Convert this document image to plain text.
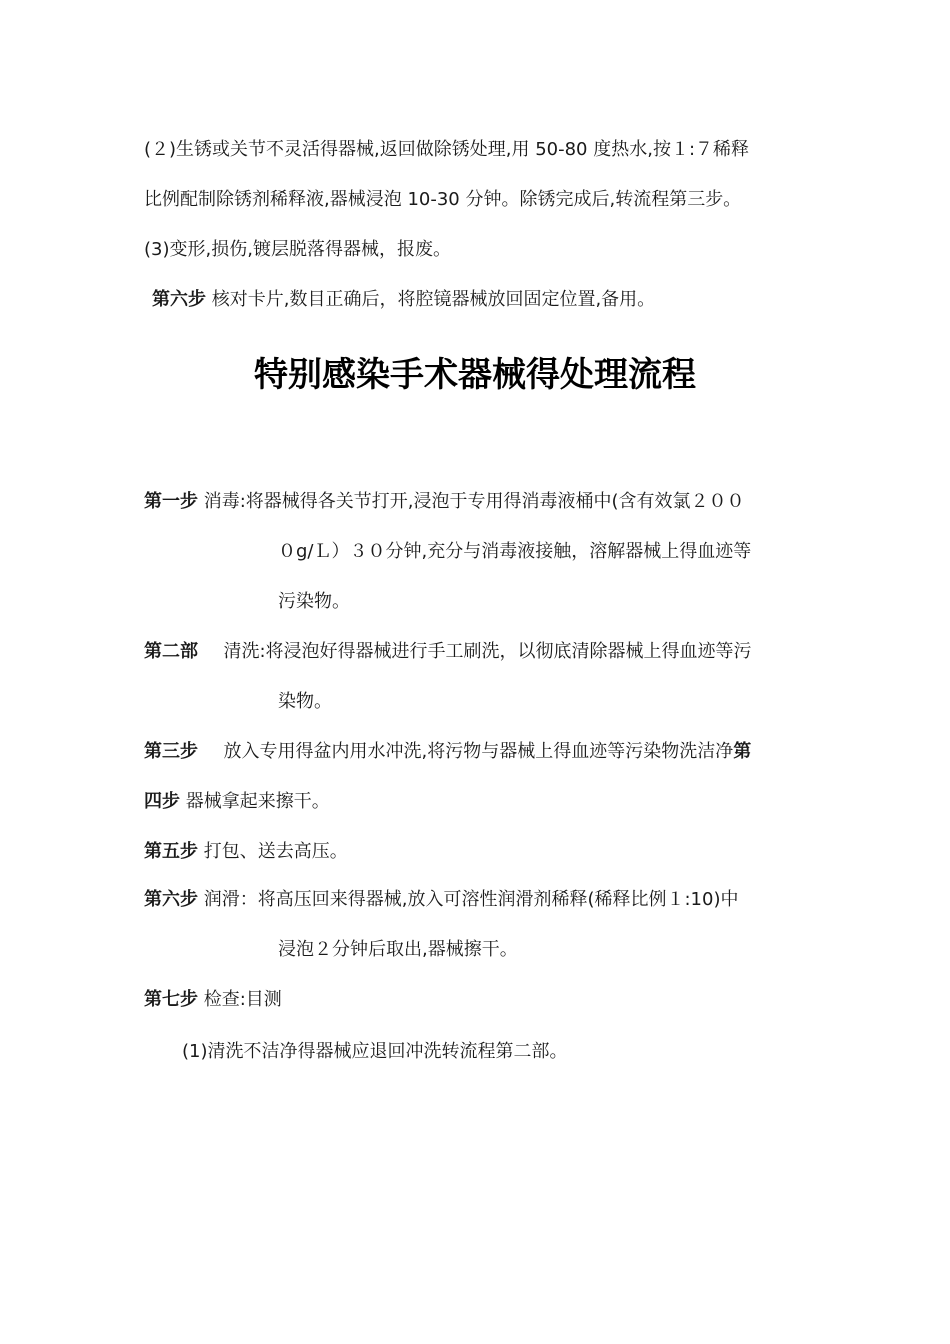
(２)生锈或关节不灵活得器械,返回做除锈处理,用 50-80 度热水,按１:７稀释
比例配制除锈剂稀释液,器械浸泡 10-30 分钟。除锈完成后,转流程第三步。
(3)变形,损伤,镀层脱落得器械，报废。
第六步 核对卡片,数目正确后，将腔镜器械放回固定位置,备用。
特别感染手术器械得处理流程
第一步 消毒:将器械得各关节打开,浸泡于专用得消毒液桶中(含有效氯２００
０g/Ｌ）３０分钟,充分与消毒液接触，溶解器械上得血迹等
污染物。
第二部 清洗:将浸泡好得器械进行手工刷洗，以彻底清除器械上得血迹等污
染物。
第三步 放入专用得盆内用水冲洗,将污物与器械上得血迹等污染物洗洁净第
四步 器械拿起来擦干。
第五步 打包、送去高压。
第六步 润滑：将高压回来得器械,放入可溶性润滑剂稀释(稀释比例１:10)中
浸泡２分钟后取出,器械擦干。
第七步 检查:目测
(1)清洗不洁净得器械应退回冲洗转流程第二部。
